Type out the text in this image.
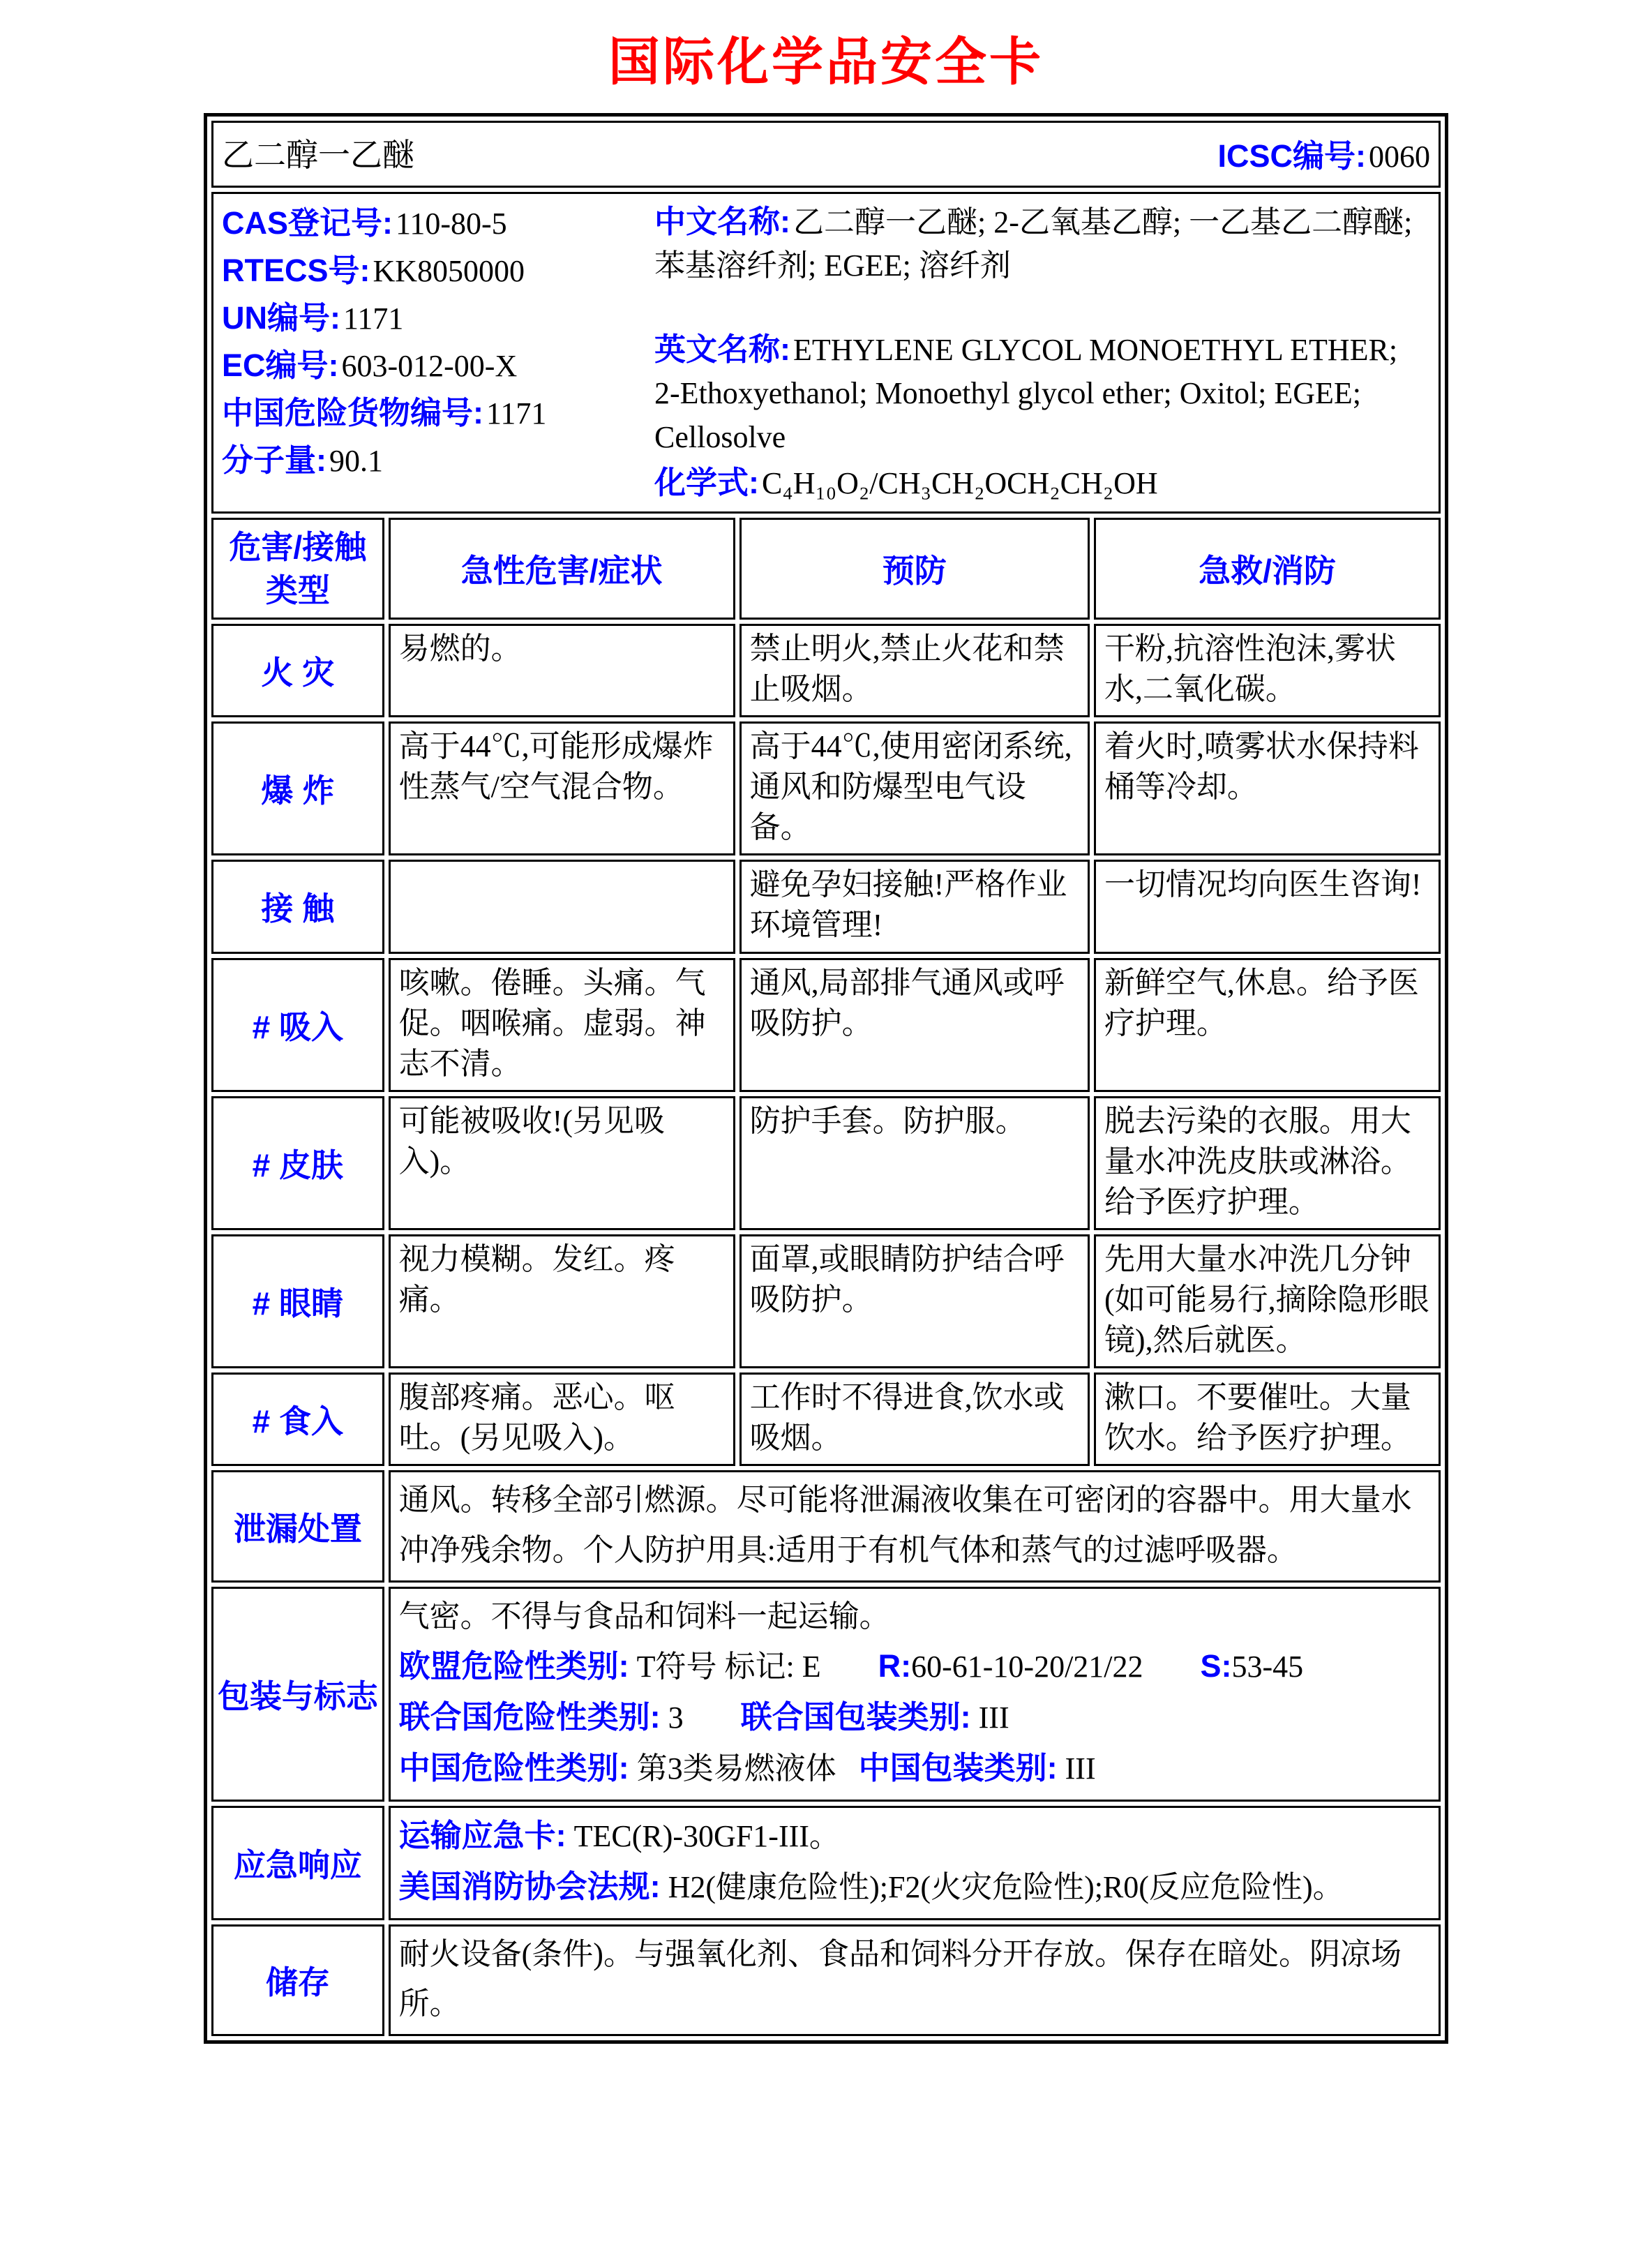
国际化学品安全卡
乙二醇一乙醚 ICSC编号: 0060			

CAS登记号: 110-80-5
RTECS号: KK8050000
UN编号: 1171
EC编号: 603-012-00-X
中国危险货物编号: 1171
分子量: 90.1

中文名称: 乙二醇一乙醚; 2-乙氧基乙醇; 一乙基乙二醇醚; 苯基溶纤剂; EGEE; 溶纤剂

英文名称: ETHYLENE GLYCOL MONOETHYL ETHER; 2-Ethoxyethanol; Monoethyl glycol ether; Oxitol; EGEE; Cellosolve

化学式: C₄H₁₀O₂/CH₃CH₂OCH₂CH₂OH

危害/接触 类型	急性危害/症状	预防	急救/消防
火 灾	易燃的。	禁止明火,禁止火花和禁止吸烟。	干粉,抗溶性泡沫,雾状水,二氧化碳。
爆 炸	高于44℃,可能形成爆炸性蒸气/空气混合物。	高于44℃,使用密闭系统,通风和防爆型电气设备。	着火时,喷雾状水保持料桶等冷却。
接 触		避免孕妇接触!严格作业环境管理!	一切情况均向医生咨询!
# 吸入	咳嗽。倦睡。头痛。气促。咽喉痛。虚弱。神志不清。	通风,局部排气通风或呼吸防护。	新鲜空气,休息。给予医疗护理。
# 皮肤	可能被吸收!(另见吸入)。	防护手套。防护服。	脱去污染的衣服。用大量水冲洗皮肤或淋浴。给予医疗护理。
# 眼睛	视力模糊。发红。疼痛。	面罩,或眼睛防护结合呼吸防护。	先用大量水冲洗几分钟(如可能易行,摘除隐形眼镜),然后就医。
# 食入	腹部疼痛。恶心。呕吐。(另见吸入)。	工作时不得进食,饮水或吸烟。	漱口。不要催吐。大量饮水。给予医疗护理。
泄漏处置	通风。转移全部引燃源。尽可能将泄漏液收集在可密闭的容器中。用大量水冲净残余物。个人防护用具:适用于有机气体和蒸气的过滤呼吸器。		
包装与标志	气密。不得与食品和饲料一起运输。
欧盟危险性类别: T符号 标记: E R:60-61-10-20/21/22 S:53-45
联合国危险性类别: 3 联合国包装类别: III
中国危险性类别: 第3类易燃液体 中国包装类别: III		

应急响应	运输应急卡: TEC(R)-30GF1-III。
美国消防协会法规: H2(健康危险性);F2(火灾危险性);R0(反应危险性)。		

储存	耐火设备(条件)。与强氧化剂、食品和饲料分开存放。保存在暗处。阴凉场所。		
